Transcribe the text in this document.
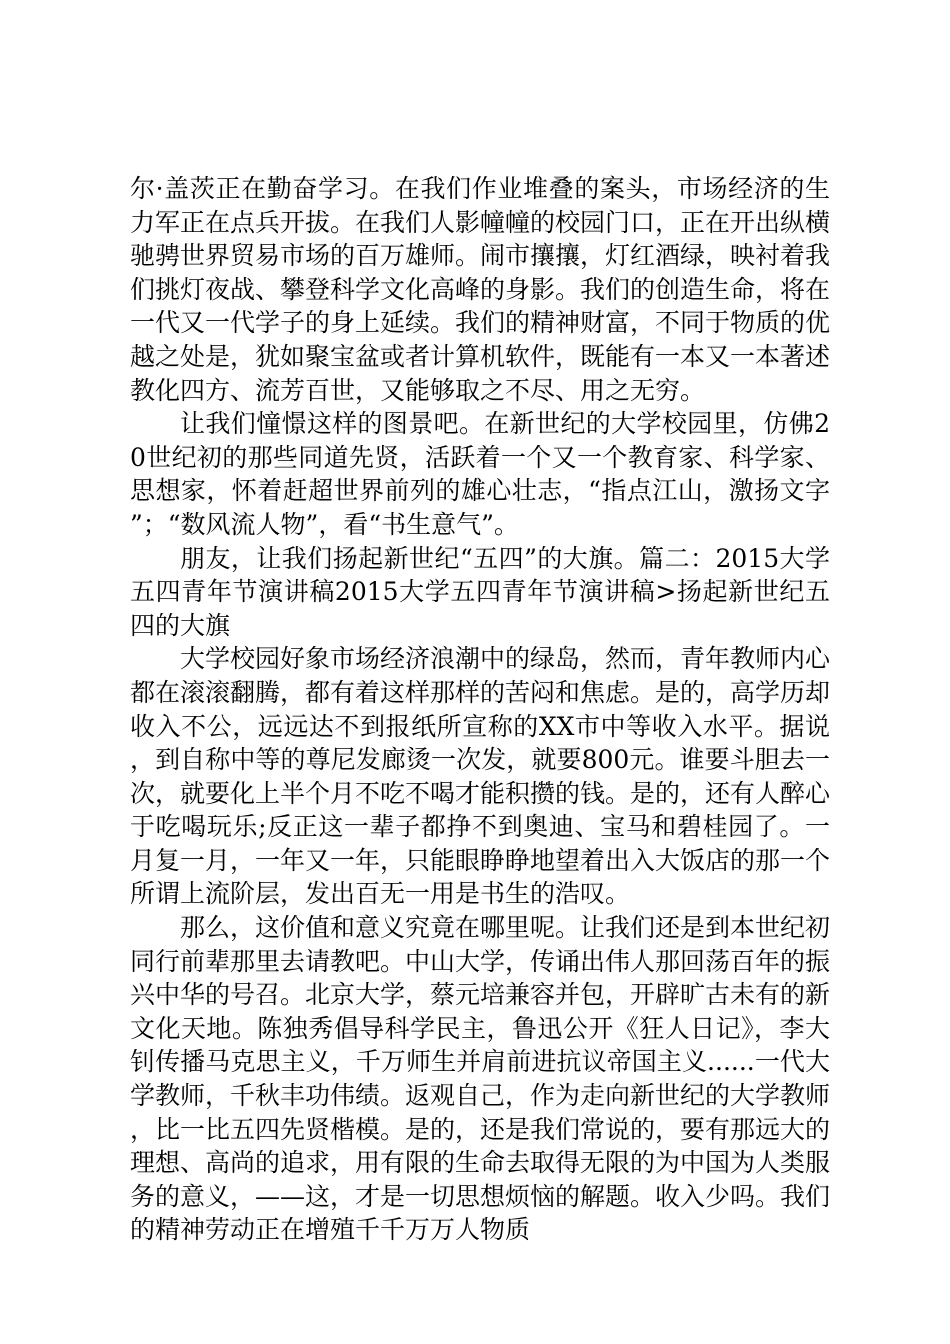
尔·盖茨正在勤奋学习。在我们作业堆叠的案头，市场经济的生力军正在点兵开拔。在我们人影幢幢的校园门口，正在开出纵横驰骋世界贸易市场的百万雄师。闹市攘攘，灯红酒绿，映衬着我们挑灯夜战、攀登科学文化高峰的身影。我们的创造生命，将在一代又一代学子的身上延续。我们的精神财富，不同于物质的优越之处是，犹如聚宝盆或者计算机软件，既能有一本又一本著述教化四方、流芳百世，又能够取之不尽、用之无穷。

让我们憧憬这样的图景吧。在新世纪的大学校园里，仿佛20世纪初的那些同道先贤，活跃着一个又一个教育家、科学家、思想家，怀着赶超世界前列的雄心壮志，“指点江山，激扬文字”；“数风流人物”，看“书生意气”。

朋友，让我们扬起新世纪“五四”的大旗。篇二：2015大学五四青年节演讲稿2015大学五四青年节演讲稿>扬起新世纪五四的大旗

大学校园好象市场经济浪潮中的绿岛，然而，青年教师内心都在滚滚翻腾，都有着这样那样的苦闷和焦虑。是的，高学历却收入不公，远远达不到报纸所宣称的XX市中等收入水平。据说，到自称中等的尊尼发廊烫一次发，就要800元。谁要斗胆去一次，就要化上半个月不吃不喝才能积攒的钱。是的，还有人醉心于吃喝玩乐;反正这一辈子都挣不到奥迪、宝马和碧桂园了。一月复一月，一年又一年，只能眼睁睁地望着出入大饭店的那一个所谓上流阶层，发出百无一用是书生的浩叹。

那么，这价值和意义究竟在哪里呢。让我们还是到本世纪初同行前辈那里去请教吧。中山大学，传诵出伟人那回荡百年的振兴中华的号召。北京大学，蔡元培兼容并包，开辟旷古未有的新文化天地。陈独秀倡导科学民主，鲁迅公开《狂人日记》，李大钊传播马克思主义，千万师生并肩前进抗议帝国主义......一代大学教师，千秋丰功伟绩。返观自己，作为走向新世纪的大学教师，比一比五四先贤楷模。是的，还是我们常说的，要有那远大的理想、高尚的追求，用有限的生命去取得无限的为中国为人类服务的意义，——这，才是一切思想烦恼的解题。收入少吗。我们的精神劳动正在增殖千千万万人物质
